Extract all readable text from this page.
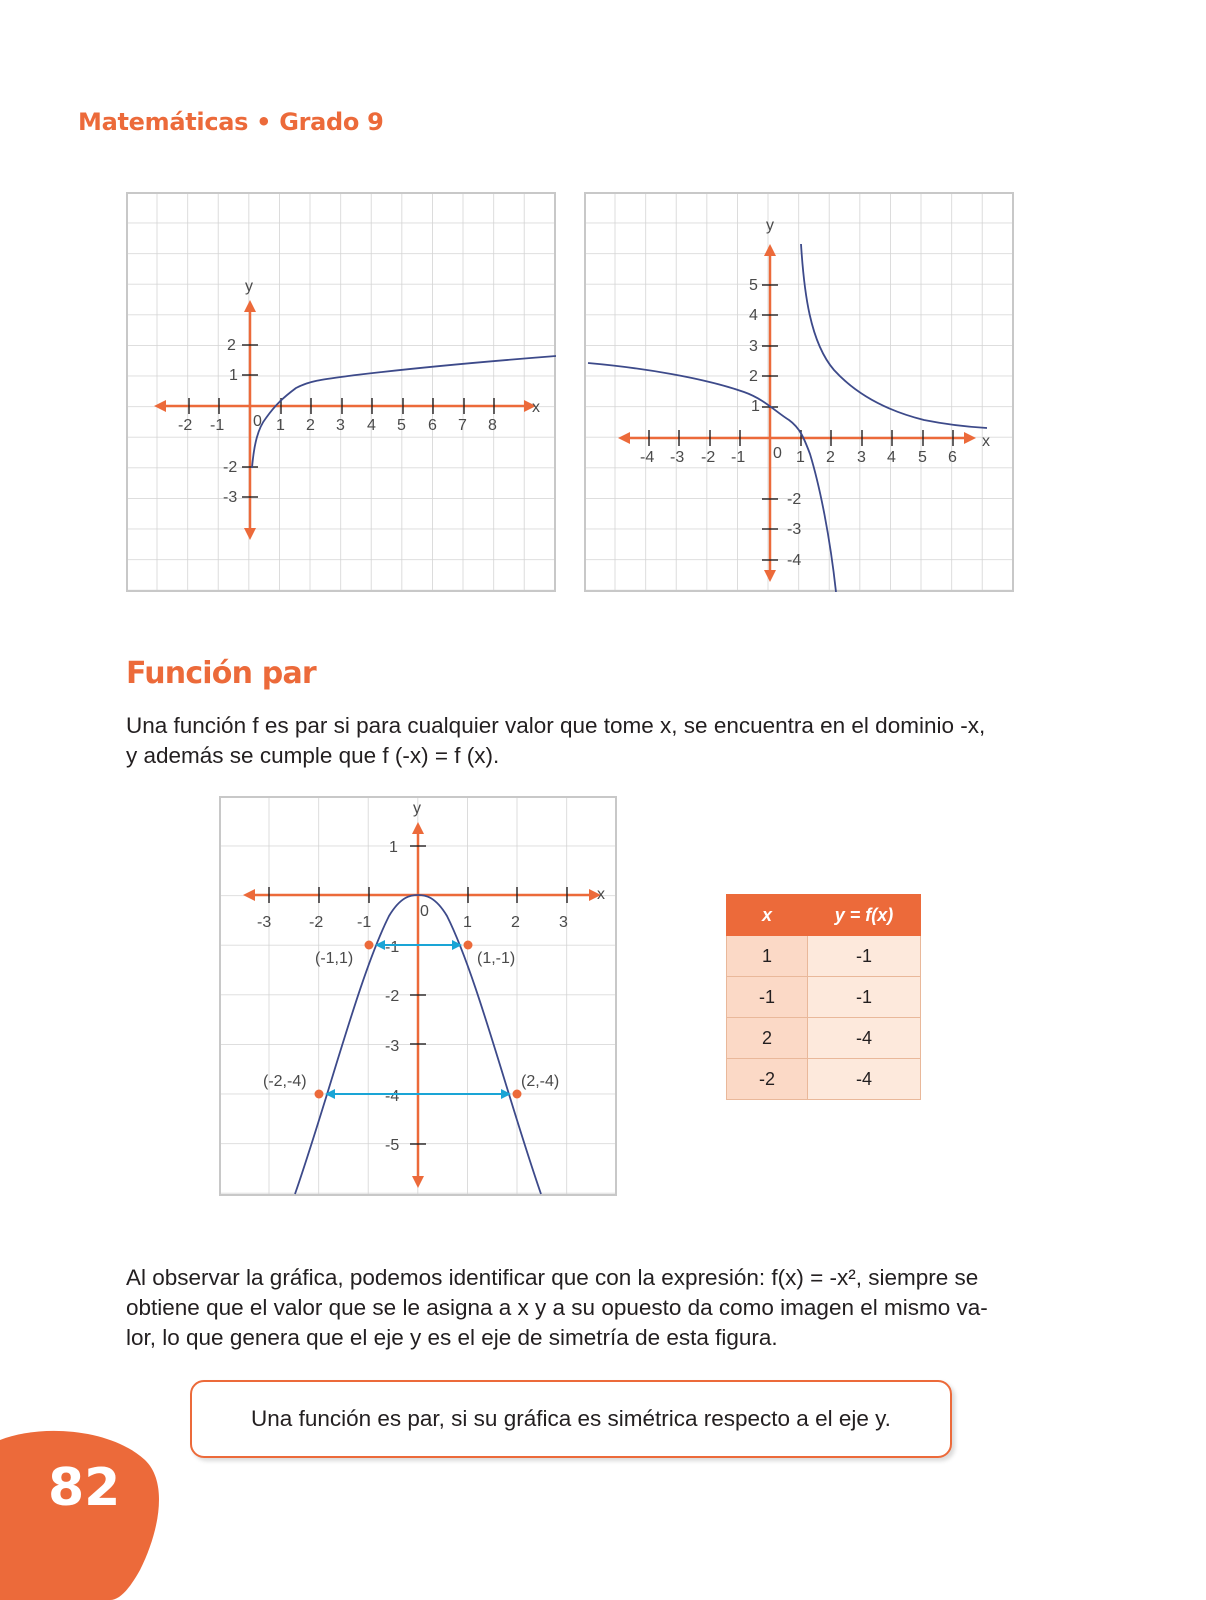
Matemáticas • Grado 9
-2 -1	1 2 3 4 5 6 7 8
2
1
-2
-3
0
x
y
-4 -3 -2 -1	1 2 3 4 5 6
5
4
3
2
1
-2
-3
-4
0
x
y
Función par
Una función f es par si para cualquier valor que tome x, se encuentra en el dominio -x,
y además se cumple que f (-x) = f (x).
-3 -2 -1	1 2 3
1
-1
-2
-3
-4
-5
0
x
y
(-1,1)	(1,-1)
(-2,-4)	(2,-4)
x	y = f(x)
1	-1
-1	-1
2	-4
-2	-4
Al observar la gráfica, podemos identificar que con la expresión: f(x) = -x², siempre se
obtiene que el valor que se le asigna a x y a su opuesto da como imagen el mismo va-
lor, lo que genera que el eje y es el eje de simetría de esta figura.
Una función es par, si su gráfica es simétrica respecto a el eje y.
82
